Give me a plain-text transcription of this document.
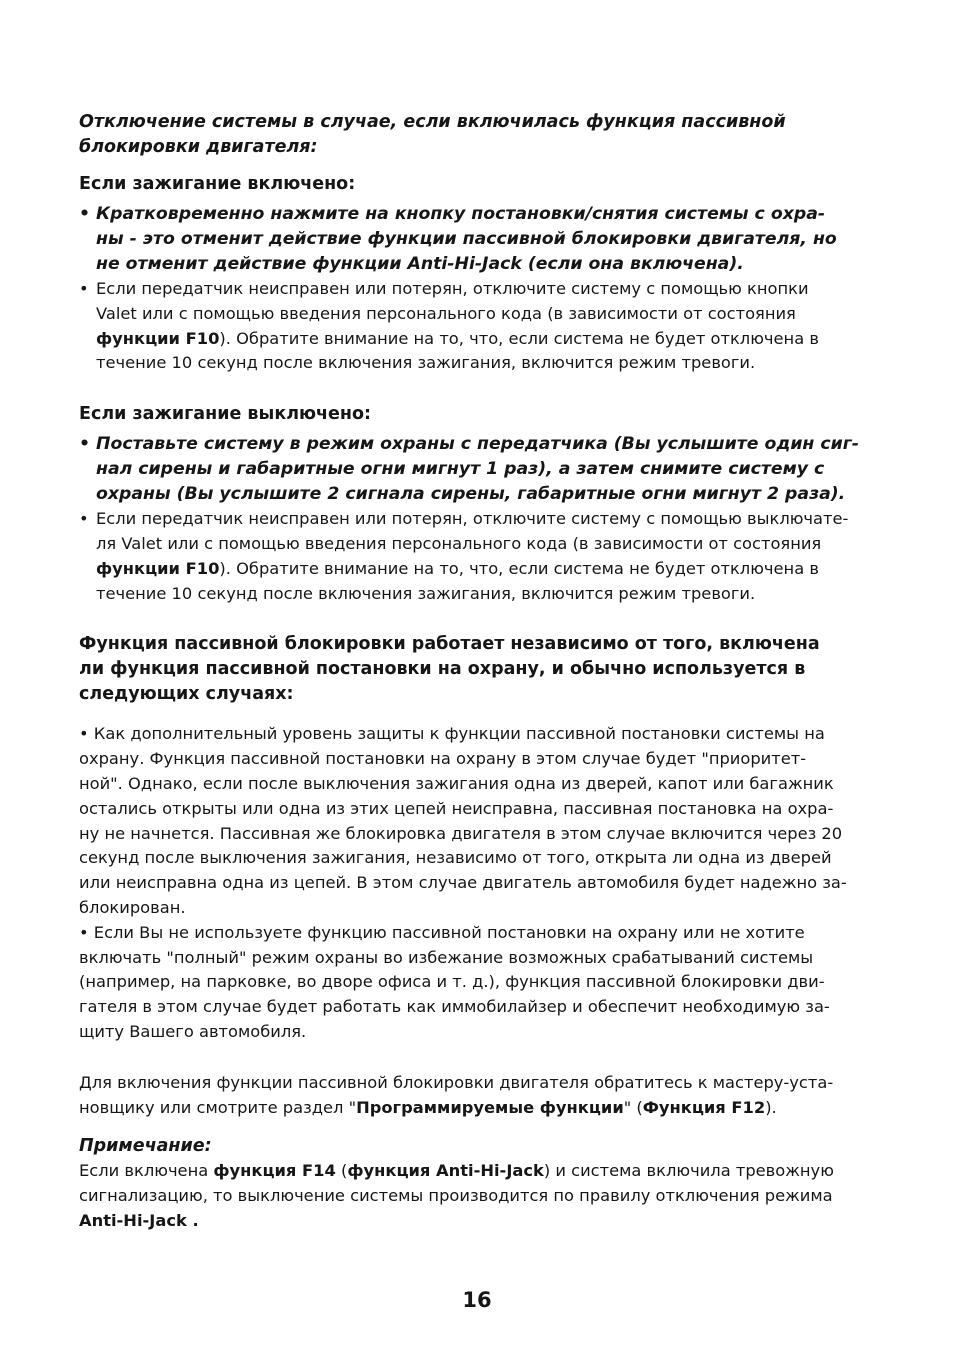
Отключение системы в случае, если включилась функция пассивной
блокировки двигателя:
Если зажигание включено:
• Кратковременно нажмите на кнопку постановки/снятия системы с охра-
ны - это отменит действие функции пассивной блокировки двигателя, но
не отменит действие функции Anti-Hi-Jack (если она включена).
• Если передатчик неисправен или потерян, отключите систему с помощью кнопки
Valet или с помощью введения персонального кода (в зависимости от состояния
функции F10). Обратите внимание на то, что, если система не будет отключена в
течение 10 секунд после включения зажигания, включится режим тревоги.
Если зажигание выключено:
• Поставьте систему в режим охраны с передатчика (Вы услышите один сиг-
нал сирены и габаритные огни мигнут 1 раз), а затем снимите систему с
охраны (Вы услышите 2 сигнала сирены, габаритные огни мигнут 2 раза).
• Если передатчик неисправен или потерян, отключите систему с помощью выключате-
ля Valet или с помощью введения персонального кода (в зависимости от состояния
функции F10). Обратите внимание на то, что, если система не будет отключена в
течение 10 секунд после включения зажигания, включится режим тревоги.
Функция пассивной блокировки работает независимо от того, включена
ли функция пассивной постановки на охрану, и обычно используется в
следующих случаях:
• Как дополнительный уровень защиты к функции пассивной постановки системы на
охрану. Функция пассивной постановки на охрану в этом случае будет "приоритет-
ной". Однако, если после выключения зажигания одна из дверей, капот или багажник
остались открыты или одна из этих цепей неисправна, пассивная постановка на охра-
ну не начнется. Пассивная же блокировка двигателя в этом случае включится через 20
секунд после выключения зажигания, независимо от того, открыта ли одна из дверей
или неисправна одна из цепей. В этом случае двигатель автомобиля будет надежно за-
блокирован.
• Если Вы не используете функцию пассивной постановки на охрану или не хотите
включать "полный" режим охраны во избежание возможных срабатываний системы
(например, на парковке, во дворе офиса и т. д.), функция пассивной блокировки дви-
гателя в этом случае будет работать как иммобилайзер и обеспечит необходимую за-
щиту Вашего автомобиля.
Для включения функции пассивной блокировки двигателя обратитесь к мастеру-уста-
новщику или смотрите раздел "Программируемые функции" (Функция F12).
Примечание:
Если включена функция F14 (функция Anti-Hi-Jack) и система включила тревожную
сигнализацию, то выключение системы производится по правилу отключения режима
Anti-Hi-Jack .
16
